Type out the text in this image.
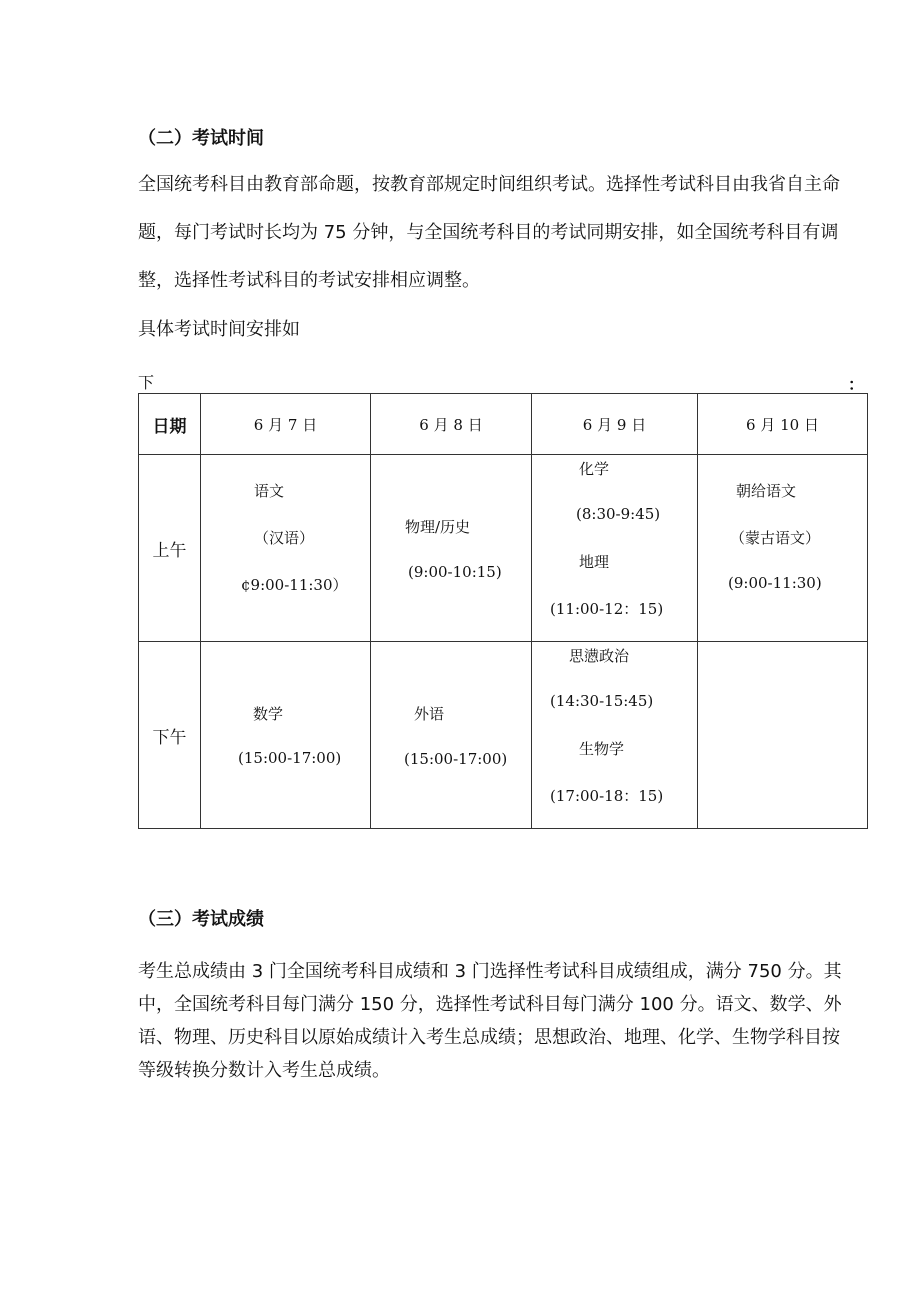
（二）考试时间
全国统考科目由教育部命题，按教育部规定时间组织考试。选择性考试科目由我省自主命
题，每门考试时长均为 75 分钟，与全国统考科目的考试同期安排，如全国统考科目有调
整，选择性考试科目的考试安排相应调整。
具体考试时间安排如
下	：
日期	6 月 7 日	6 月 8 日	6 月 9 日	6 月 10 日
上午	语文
（汉语）
¢9:00-11:30）	物理/历史
(9:00-10:15)	化学
(8:30-9:45)
地理
(11:00-12：15)	朝给语文
（蒙古语文）
(9:00-11:30)

下午	数学
(15:00-17:00)	外语
(15:00-17:00)	思懑政治
(14:30-15:45)
生物学
(17:00-18：15)	

（三）考试成绩
考生总成绩由 3 门全国统考科目成绩和 3 门选择性考试科目成绩组成，满分 750 分。其
中，全国统考科目每门满分 150 分，选择性考试科目每门满分 100 分。语文、数学、外
语、物理、历史科目以原始成绩计入考生总成绩；思想政治、地理、化学、生物学科目按
等级转换分数计入考生总成绩。
